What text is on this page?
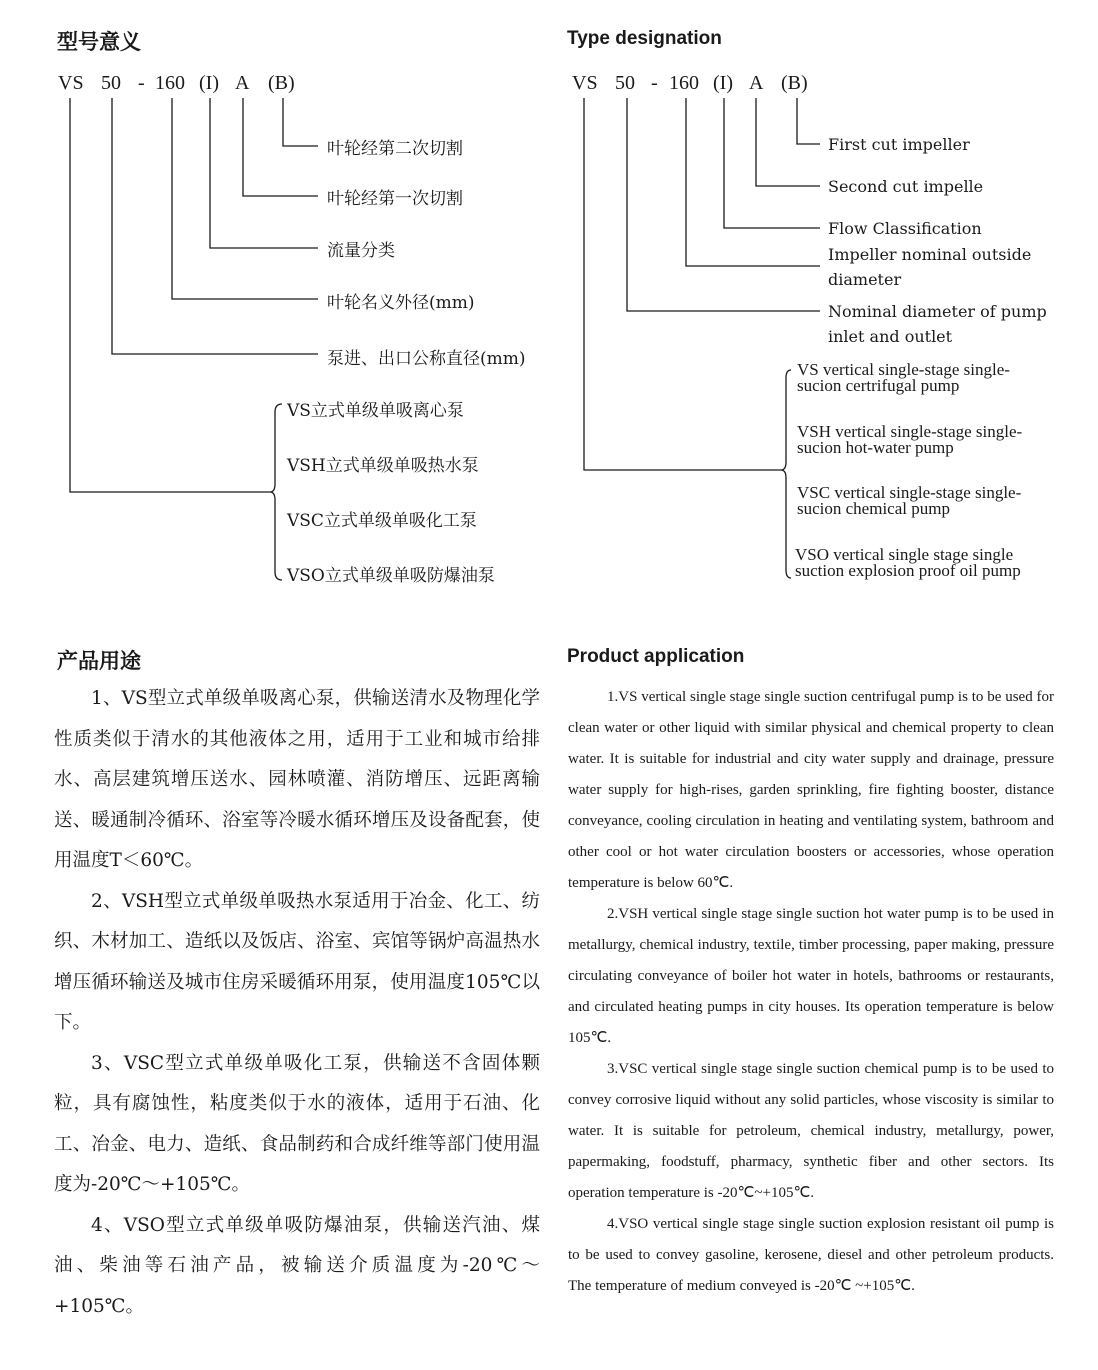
型号意义
VS 50 - 160 (I) A (B)
叶轮经第二次切割
叶轮经第一次切割
流量分类
叶轮名义外径(mm)
泵进、出口公称直径(mm)
VS立式单级单吸离心泵
VSH立式单级单吸热水泵
VSC立式单级单吸化工泵
VSO立式单级单吸防爆油泵
Type designation
VS 50 - 160 (I) A (B)
First cut impeller
Second cut impelle
Flow Classification
Impeller nominal outside
diameter
Nominal diameter of pump
inlet and outlet
VS vertical single-stage single-
sucion certrifugal pump
VSH vertical single-stage single-
sucion hot-water pump
VSC vertical single-stage single-
sucion chemical pump
VSO vertical single stage single
suction explosion proof oil pump
产品用途	Product application

1、VS型立式单级单吸离心泵，供输送清水及物理化学性质类似于清水的其他液体之用，适用于工业和城市给排水、高层建筑增压送水、园林喷灌、消防增压、远距离输送、暖通制冷循环、浴室等冷暖水循环增压及设备配套，使用温度T＜60℃。

2、VSH型立式单级单吸热水泵适用于冶金、化工、纺织、木材加工、造纸以及饭店、浴室、宾馆等锅炉高温热水增压循环输送及城市住房采暖循环用泵，使用温度105℃以下。

3、VSC型立式单级单吸化工泵，供输送不含固体颗粒，具有腐蚀性，粘度类似于水的液体，适用于石油、化工、冶金、电力、造纸、食品制药和合成纤维等部门使用温度为-20℃～+105℃。

4、VSO型立式单级单吸防爆油泵，供输送汽油、煤油、柴油等石油产品，被输送介质温度为-20℃～+105℃。

1.VS vertical single stage single suction centrifugal pump is to be used for clean water or other liquid with similar physical and chemical property to clean water. It is suitable for industrial and city water supply and drainage, pressure water supply for high-rises, garden sprinkling, fire fighting booster, distance conveyance, cooling circulation in heating and ventilating system, bathroom and other cool or hot water circulation boosters or accessories, whose operation temperature is below 60℃.

2.VSH vertical single stage single suction hot water pump is to be used in metallurgy, chemical industry, textile, timber processing, paper making, pressure circulating conveyance of boiler hot water in hotels, bathrooms or restaurants, and circulated heating pumps in city houses. Its operation temperature is below 105℃.

3.VSC vertical single stage single suction chemical pump is to be used to convey corrosive liquid without any solid particles, whose viscosity is similar to water. It is suitable for petroleum, chemical industry, metallurgy, power, papermaking, foodstuff, pharmacy, synthetic fiber and other sectors. Its operation temperature is -20℃~+105℃.

4.VSO vertical single stage single suction explosion resistant oil pump is to be used to convey gasoline, kerosene, diesel and other petroleum products. The temperature of medium conveyed is -20℃ ~+105℃.
